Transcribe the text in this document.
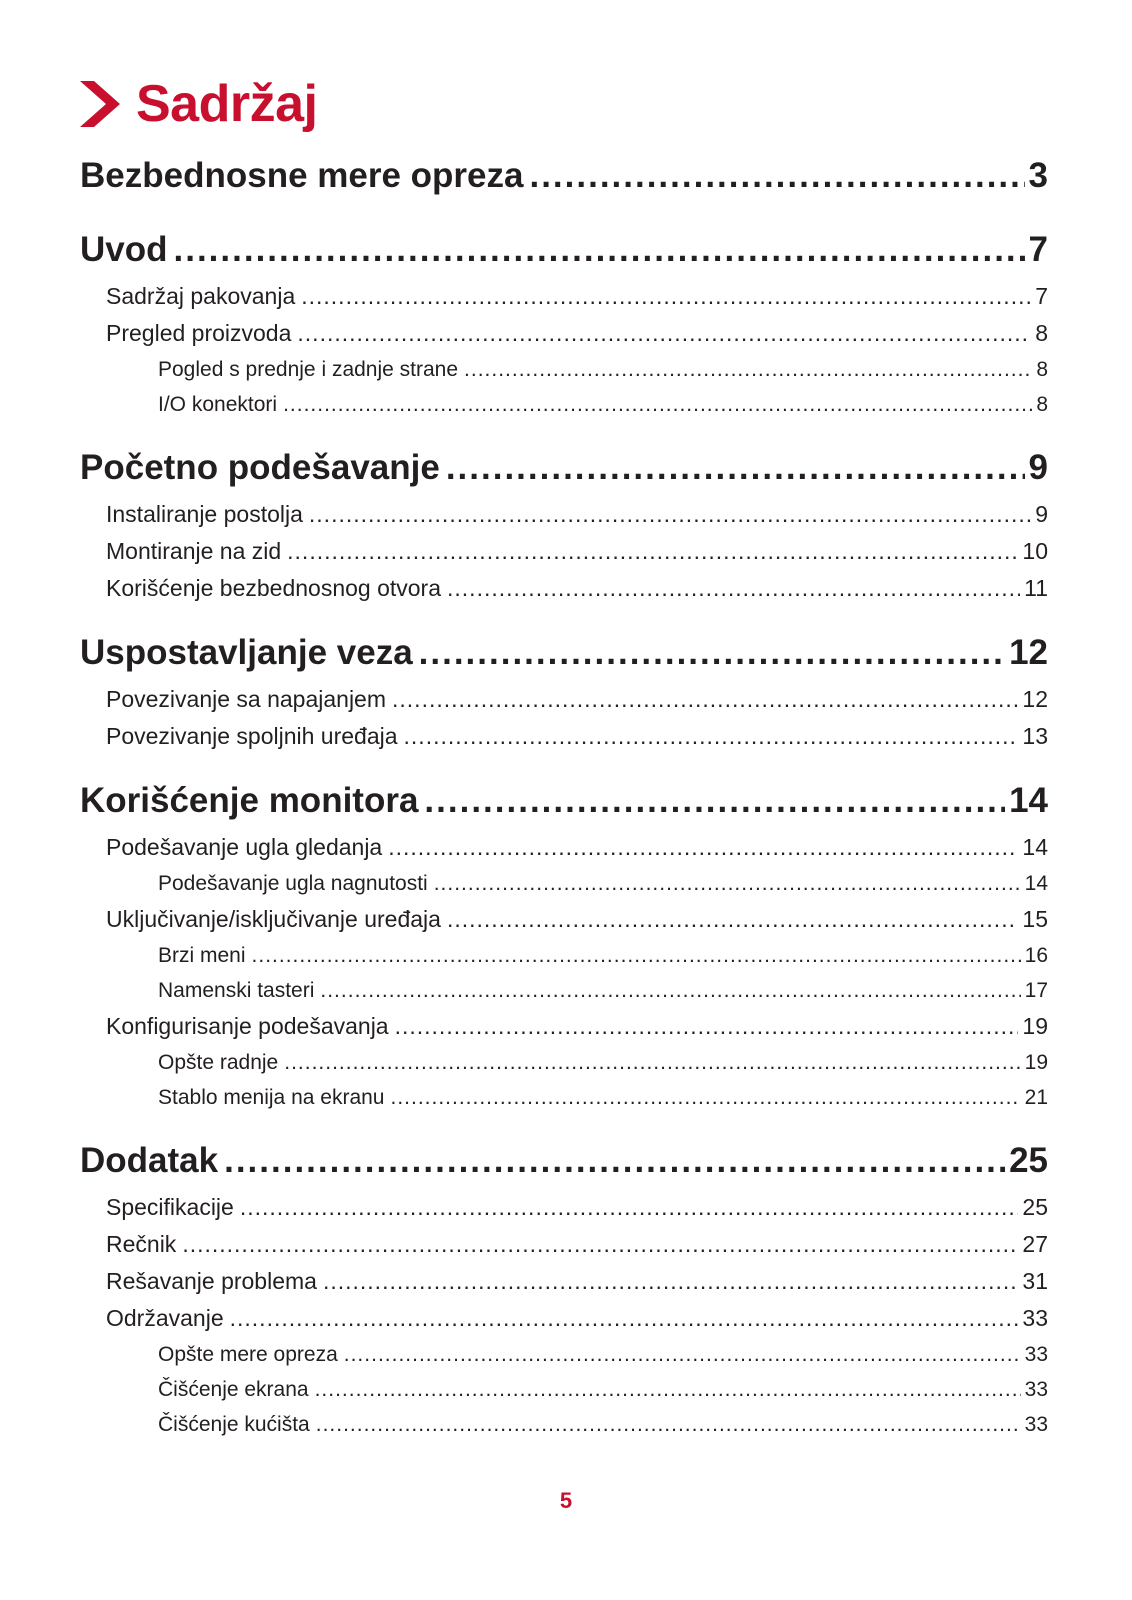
Sadržaj
Bezbednosne mere opreza .....	3
Uvod .....	7
Sadržaj pakovanja .....	7
Pregled proizvoda .....	8
Pogled s prednje i zadnje strane .....	8
I/O konektori .....	8
Početno podešavanje .....	9
Instaliranje postolja .....	9
Montiranje na zid .....	10
Korišćenje bezbednosnog otvora .....	11
Uspostavljanje veza .....	12
Povezivanje sa napajanjem .....	12
Povezivanje spoljnih uređaja .....	13
Korišćenje monitora .....	14
Podešavanje ugla gledanja .....	14
Podešavanje ugla nagnutosti .....	14
Uključivanje/isključivanje uređaja .....	15
Brzi meni .....	16
Namenski tasteri .....	17
Konfigurisanje podešavanja .....	19
Opšte radnje .....	19
Stablo menija na ekranu .....	21
Dodatak .....	25
Specifikacije .....	25
Rečnik .....	27
Rešavanje problema .....	31
Održavanje .....	33
Opšte mere opreza .....	33
Čišćenje ekrana .....	33
Čišćenje kućišta .....	33
5
